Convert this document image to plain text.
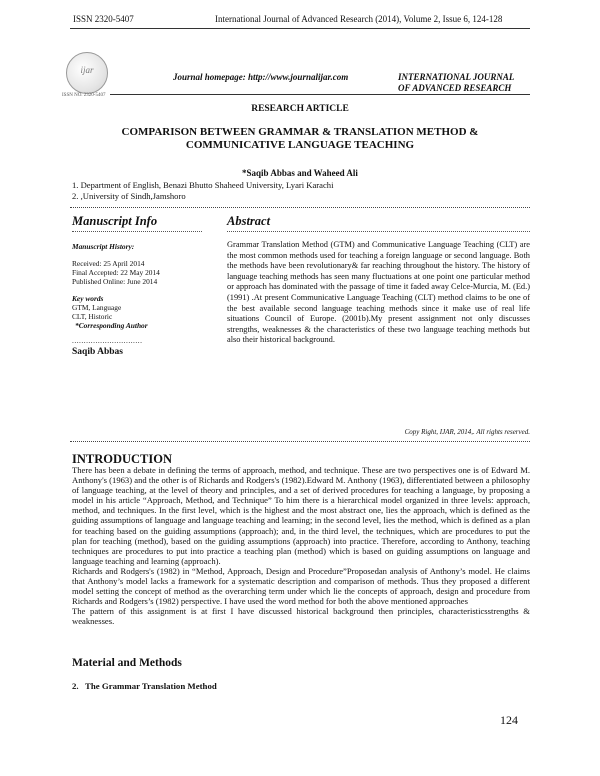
ISSN 2320-5407	International Journal of Advanced Research (2014), Volume 2, Issue 6, 124-128
ijar
ISSN NO. 2320-5407
Journal homepage: http://www.journalijar.com	INTERNATIONAL JOURNAL
OF ADVANCED RESEARCH
RESEARCH ARTICLE
COMPARISON BETWEEN GRAMMAR & TRANSLATION METHOD &
COMMUNICATIVE LANGUAGE TEACHING
*Saqib Abbas and Waheed Ali
1. Department of English, Benazi Bhutto Shaheed University, Lyari Karachi
2. ,University of Sindh,Jamshoro
Manuscript Info	Abstract

Manuscript History:

Received: 25 April 2014

Final Accepted: 22 May 2014

Published Online: June 2014

Key words

GTM, Language

CLT, Historic

*Corresponding Author

..............................

Saqib Abbas

Grammar Translation Method (GTM) and Communicative Language Teaching (CLT) are the most common methods used for teaching a foreign language or second language. Both the methods have been revolutionary& far reaching throughout the history. The history of language teaching methods has seen many fluctuations at one point one particular method or approach has dominated with the passage of time it faded away Celce-Murcia, M. (Ed.) (1991) .At present Communicative Language Teaching (CLT) method claims to be one of the best available second language teaching methods since it make use of real life situations Council of Europe. (2001b).My present assignment not only discusses strengths, weaknesses & the characteristics of these two language teaching methods but also their historical background.
Copy Right, IJAR, 2014,. All rights reserved.
INTRODUCTION

There has been a debate in defining the terms of approach, method, and technique. These are two perspectives one is of Edward M. Anthony's (1963) and the other is of Richards and Rodgers's (1982).Edward M. Anthony (1963), differentiated between a philosophy of language teaching, at the level of theory and principles, and a set of derived procedures for teaching a language, by proposing a model in his article “Approach, Method, and Technique” To him there is a hierarchical model organized in three levels: approach, method, and techniques. In the first level, which is the highest and the most abstract one, lies the approach, which is defined as the guiding assumptions of language and language teaching and learning; in the second level, lies the method, which is defined as a plan for teaching based on the guiding assumptions (approach); and, in the third level, the techniques, which are procedures to put the plan for teaching (method), based on the guiding assumptions (approach) into practice. Therefore, according to Anthony, teaching techniques are procedures to put into practice a teaching plan (method) which is based on guiding assumptions on language and language teaching and learning (approach).

Richards and Rodgers's (1982) in “Method, Approach, Design and Procedure”Proposedan analysis of Anthony’s model. He claims that Anthony’s model lacks a framework for a systematic description and comparison of methods. Thus they proposed a different model setting the concept of method as the overarching term under which lie the concepts of approach, design and procedure from Richards and Rodgers’s (1982) perspective. I have used the word method for both the above mentioned approaches

The pattern of this assignment is at first I have discussed historical background then principles, characteristicsstrengths & weaknesses.

Material and Methods
2.   The Grammar Translation Method
124
